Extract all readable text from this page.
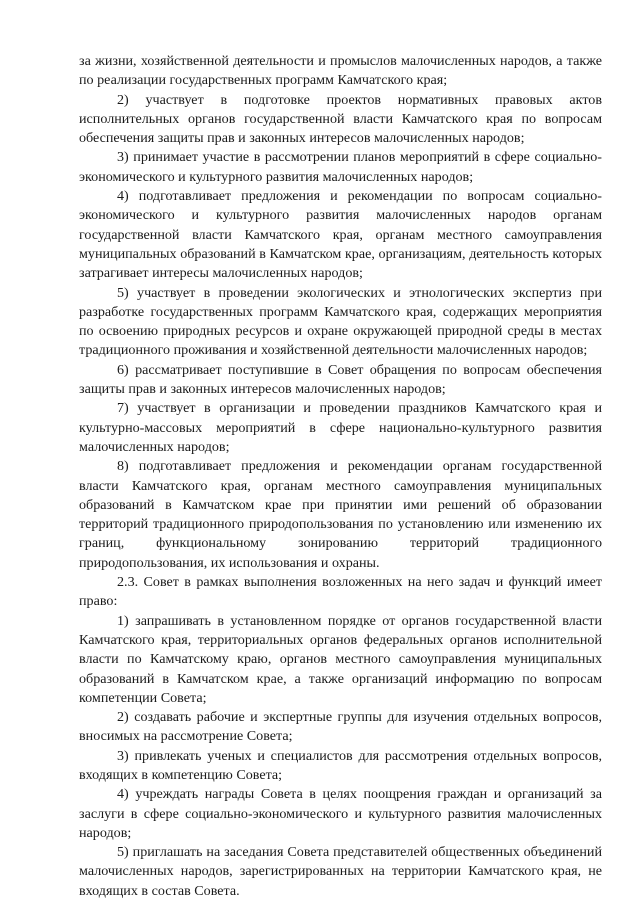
за жизни, хозяйственной деятельности и промыслов малочисленных народов, а также по реализации государственных программ Камчатского края;

2) участвует в подготовке проектов нормативных правовых актов исполнительных органов государственной власти Камчатского края по вопросам обеспечения защиты прав и законных интересов малочисленных народов;

3) принимает участие в рассмотрении планов мероприятий в сфере социально-экономического и культурного развития малочисленных народов;

4) подготавливает предложения и рекомендации по вопросам социально-экономического и культурного развития малочисленных народов органам государственной власти Камчатского края, органам местного самоуправления муниципальных образований в Камчатском крае, организациям, деятельность которых затрагивает интересы малочисленных народов;

5) участвует в проведении экологических и этнологических экспертиз при разработке государственных программ Камчатского края, содержащих мероприятия по освоению природных ресурсов и охране окружающей природной среды в местах традиционного проживания и хозяйственной деятельности малочисленных народов;

6) рассматривает поступившие в Совет обращения по вопросам обеспечения защиты прав и законных интересов малочисленных народов;

7) участвует в организации и проведении праздников Камчатского края и культурно-массовых мероприятий в сфере национально-культурного развития малочисленных народов;

8) подготавливает предложения и рекомендации органам государственной власти Камчатского края, органам местного самоуправления муниципальных образований в Камчатском крае при принятии ими решений об образовании территорий традиционного природопользования по установлению или изменению их границ, функциональному зонированию территорий традиционного природопользования, их использования и охраны.

2.3. Совет в рамках выполнения возложенных на него задач и функций имеет право:

1) запрашивать в установленном порядке от органов государственной власти Камчатского края, территориальных органов федеральных органов исполнительной власти по Камчатскому краю, органов местного самоуправления муниципальных образований в Камчатском крае, а также организаций информацию по вопросам компетенции Совета;

2) создавать рабочие и экспертные группы для изучения отдельных вопросов, вносимых на рассмотрение Совета;

3) привлекать ученых и специалистов для рассмотрения отдельных вопросов, входящих в компетенцию Совета;

4) учреждать награды Совета в целях поощрения граждан и организаций за заслуги в сфере социально-экономического и культурного развития малочисленных народов;

5) приглашать на заседания Совета представителей общественных объединений малочисленных народов, зарегистрированных на территории Камчатского края, не входящих в состав Совета.
